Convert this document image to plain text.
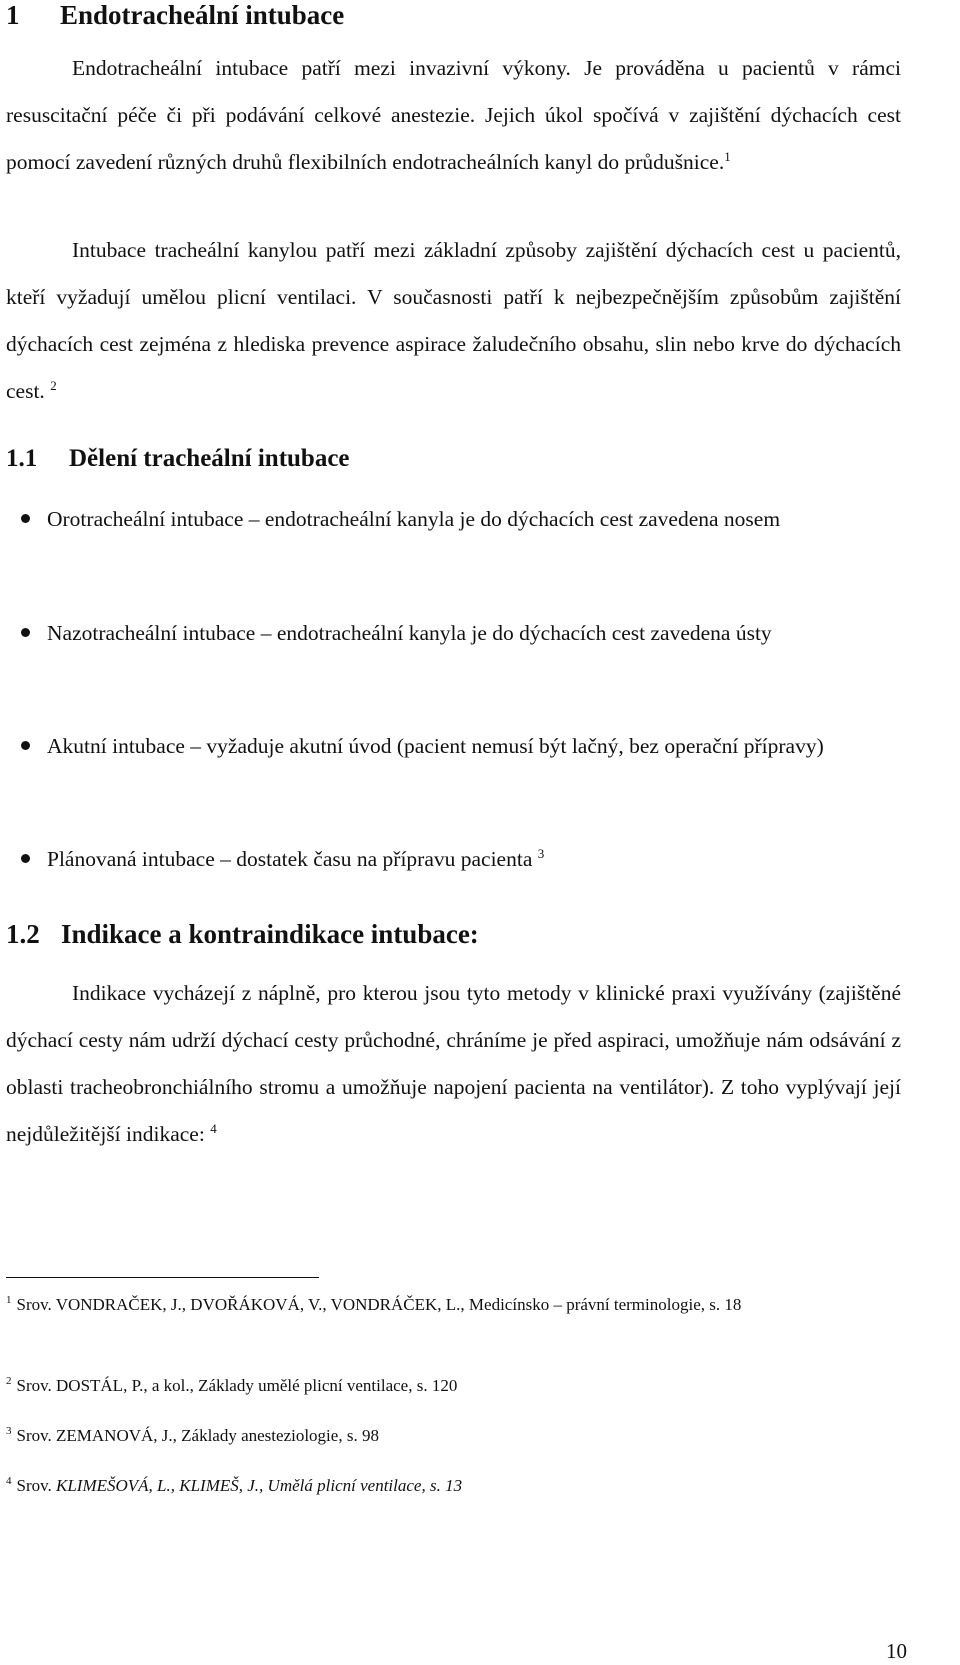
1 Endotracheální intubace

Endotracheální intubace patří mezi invazivní výkony. Je prováděna u pacientů v rámci resuscitační péče či při podávání celkové anestezie. Jejich úkol spočívá v zajištění dýchacích cest pomocí zavedení různých druhů flexibilních endotracheálních kanyl do průdušnice.$^1$

Intubace tracheální kanylou patří mezi základní způsoby zajištění dýchacích cest u pacientů, kteří vyžadují umělou plicní ventilaci. V současnosti patří k nejbezpečnějším způsobům zajištění dýchacích cest zejména z hlediska prevence aspirace žaludečního obsahu, slin nebo krve do dýchacích cest. $^2$

1.1 Dělení tracheální intubace
Orotracheální intubace – endotracheální kanyla je do dýchacích cest zavedena nosem
Nazotracheální intubace – endotracheální kanyla je do dýchacích cest zavedena ústy
Akutní intubace – vyžaduje akutní úvod (pacient nemusí být lačný, bez operační přípravy)
Plánovaná intubace – dostatek času na přípravu pacienta $^3$
1.2 Indikace a kontraindikace intubace:

Indikace vycházejí z náplně, pro kterou jsou tyto metody v klinické praxi využívány (zajištěné dýchací cesty nám udrží dýchací cesty průchodné, chráníme je před aspiraci, umožňuje nám odsávání z oblasti tracheobronchiálního stromu a umožňuje napojení pacienta na ventilátor). Z toho vyplývají její nejdůležitější indikace: $^4$

$^1$ Srov. VONDRAČEK, J., DVOŘÁKOVÁ, V., VONDRÁČEK, L., Medicínsko – právní terminologie, s. 18

$^2$ Srov. DOSTÁL, P., a kol., Základy umělé plicní ventilace, s. 120

$^3$ Srov. ZEMANOVÁ, J., Základy anesteziologie, s. 98

$^4$ Srov. KLIMEŠOVÁ, L., KLIMEŠ, J., Umělá plicní ventilace, s. 13

10
